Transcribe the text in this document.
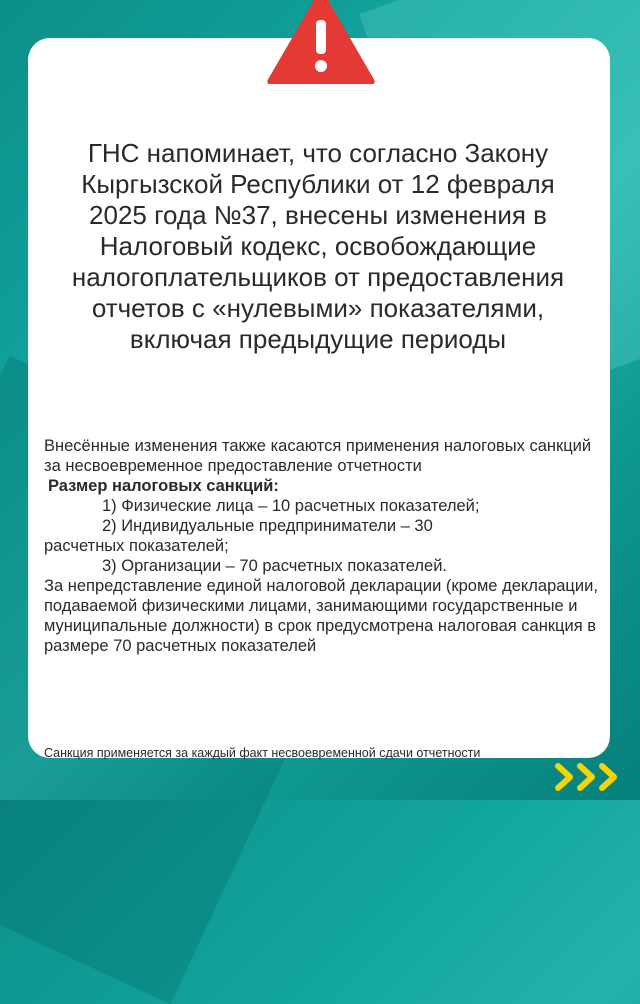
ГНС напоминает, что согласно Закону Кыргызской Республики от 12 февраля 2025 года №37, внесены изменения в Налоговый кодекс, освобождающие налогоплательщиков от предоставления отчетов с «нулевыми» показателями, включая предыдущие периоды

Внесённые изменения также касаются применения налоговых санкций за несвоевременное предоставление отчетности

Размер налоговых санкций:

1) Физические лица – 10 расчетных показателей;

2) Индивидуальные предприниматели – 30

расчетных показателей;

3) Организации – 70 расчетных показателей.

За непредставление единой налоговой декларации (кроме декларации, подаваемой физическими лицами, занимающими государственные и муниципальные должности) в срок предусмотрена налоговая санкция в размере 70 расчетных показателей

Санкция применяется за каждый факт несвоевременной сдачи отчетности
